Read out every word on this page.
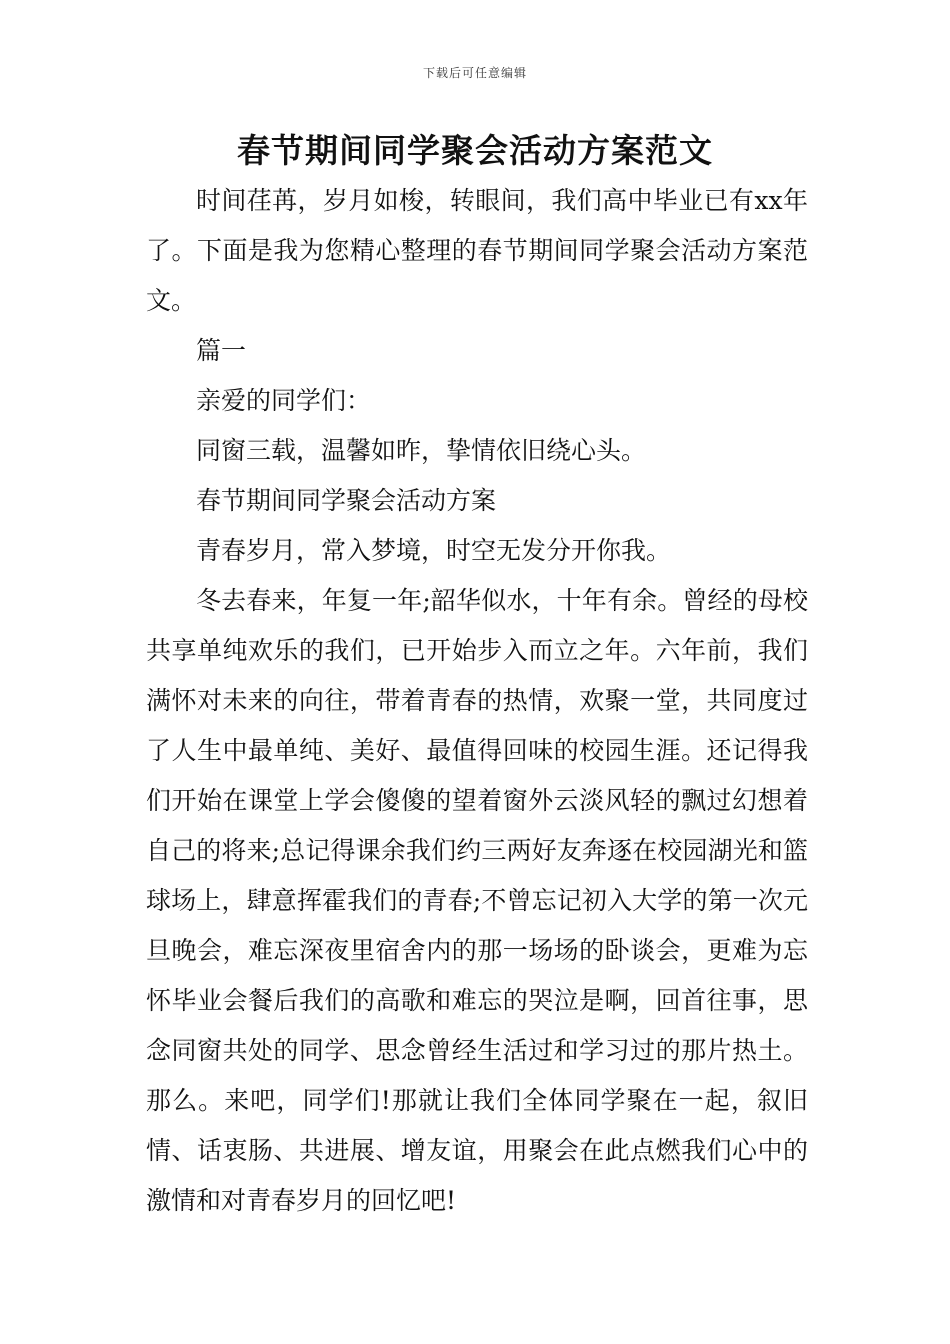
下载后可任意编辑
春节期间同学聚会活动方案范文

时间荏苒，岁月如梭，转眼间，我们高中毕业已有xx年了。下面是我为您精心整理的春节期间同学聚会活动方案范文。

篇一

亲爱的同学们：

同窗三载，温馨如昨，挚情依旧绕心头。

春节期间同学聚会活动方案

青春岁月，常入梦境，时空无发分开你我。

冬去春来，年复一年;韶华似水，十年有余。曾经的母校共享单纯欢乐的我们，已开始步入而立之年。六年前，我们满怀对未来的向往，带着青春的热情，欢聚一堂，共同度过了人生中最单纯、美好、最值得回味的校园生涯。还记得我们开始在课堂上学会傻傻的望着窗外云淡风轻的飘过幻想着自己的将来;总记得课余我们约三两好友奔逐在校园湖光和篮球场上，肆意挥霍我们的青春;不曾忘记初入大学的第一次元旦晚会，难忘深夜里宿舍内的那一场场的卧谈会，更难为忘怀毕业会餐后我们的高歌和难忘的哭泣是啊，回首往事，思念同窗共处的同学、思念曾经生活过和学习过的那片热土。那么。来吧，同学们!那就让我们全体同学聚在一起，叙旧情、话衷肠、共进展、增友谊，用聚会在此点燃我们心中的激情和对青春岁月的回忆吧!
